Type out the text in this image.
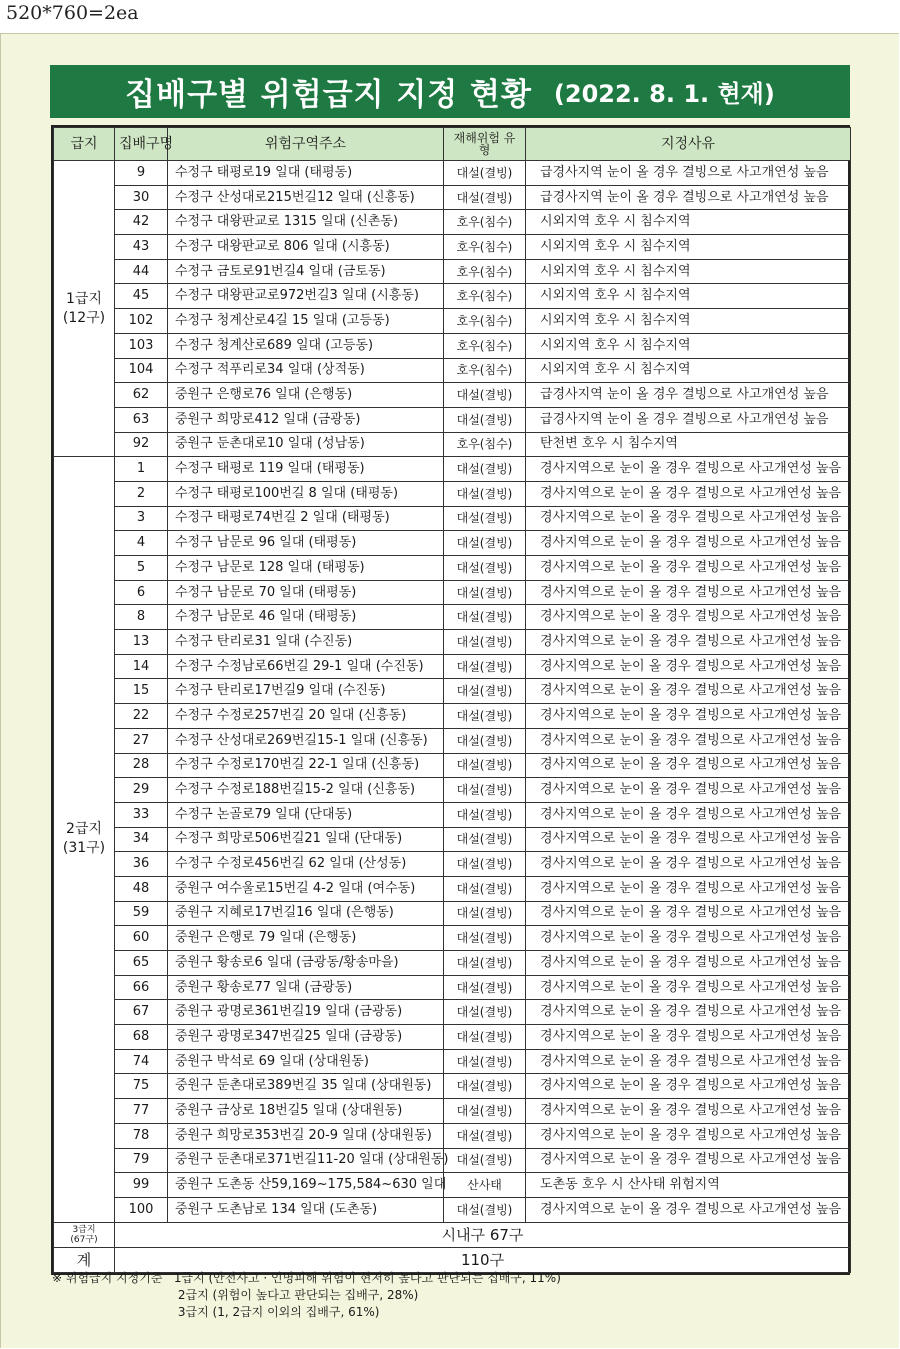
520*760=2ea
집배구별 위험급지 지정 현황 (2022. 8. 1. 현재)
급지	집배구명	위험구역주소	재해위험 유 형	지정사유
1급지
(12구)	9	수정구 태평로19 일대 (태평동)	대설(결빙)	급경사지역 눈이 올 경우 결빙으로 사고개연성 높음
	30	수정구 산성대로215번길12 일대 (신흥동)	대설(결빙)	급경사지역 눈이 올 경우 결빙으로 사고개연성 높음
	42	수정구 대왕판교로 1315 일대 (신촌동)	호우(침수)	시외지역 호우 시 침수지역
	43	수정구 대왕판교로 806 일대 (시흥동)	호우(침수)	시외지역 호우 시 침수지역
	44	수정구 금토로91번길4 일대 (금토동)	호우(침수)	시외지역 호우 시 침수지역
	45	수정구 대왕판교로972번길3 일대 (시흥동)	호우(침수)	시외지역 호우 시 침수지역
	102	수정구 청계산로4길 15 일대 (고등동)	호우(침수)	시외지역 호우 시 침수지역
	103	수정구 청계산로689 일대 (고등동)	호우(침수)	시외지역 호우 시 침수지역
	104	수정구 적푸리로34 일대 (상적동)	호우(침수)	시외지역 호우 시 침수지역
	62	중원구 은행로76 일대 (은행동)	대설(결빙)	급경사지역 눈이 올 경우 결빙으로 사고개연성 높음
	63	중원구 희망로412 일대 (금광동)	대설(결빙)	급경사지역 눈이 올 경우 결빙으로 사고개연성 높음
	92	중원구 둔촌대로10 일대 (성남동)	호우(침수)	탄천변 호우 시 침수지역
2급지
(31구)	1	수정구 태평로 119 일대 (태평동)	대설(결빙)	경사지역으로 눈이 올 경우 결빙으로 사고개연성 높음
	2	수정구 태평로100번길 8 일대 (태평동)	대설(결빙)	경사지역으로 눈이 올 경우 결빙으로 사고개연성 높음
	3	수정구 태평로74번길 2 일대 (태평동)	대설(결빙)	경사지역으로 눈이 올 경우 결빙으로 사고개연성 높음
	4	수정구 남문로 96 일대 (태평동)	대설(결빙)	경사지역으로 눈이 올 경우 결빙으로 사고개연성 높음
	5	수정구 남문로 128 일대 (태평동)	대설(결빙)	경사지역으로 눈이 올 경우 결빙으로 사고개연성 높음
	6	수정구 남문로 70 일대 (태평동)	대설(결빙)	경사지역으로 눈이 올 경우 결빙으로 사고개연성 높음
	8	수정구 남문로 46 일대 (태평동)	대설(결빙)	경사지역으로 눈이 올 경우 결빙으로 사고개연성 높음
	13	수정구 탄리로31 일대 (수진동)	대설(결빙)	경사지역으로 눈이 올 경우 결빙으로 사고개연성 높음
	14	수정구 수정남로66번길 29-1 일대 (수진동)	대설(결빙)	경사지역으로 눈이 올 경우 결빙으로 사고개연성 높음
	15	수정구 탄리로17번길9 일대 (수진동)	대설(결빙)	경사지역으로 눈이 올 경우 결빙으로 사고개연성 높음
	22	수정구 수정로257번길 20 일대 (신흥동)	대설(결빙)	경사지역으로 눈이 올 경우 결빙으로 사고개연성 높음
	27	수정구 산성대로269번길15-1 일대 (신흥동)	대설(결빙)	경사지역으로 눈이 올 경우 결빙으로 사고개연성 높음
	28	수정구 수정로170번길 22-1 일대 (신흥동)	대설(결빙)	경사지역으로 눈이 올 경우 결빙으로 사고개연성 높음
	29	수정구 수정로188번길15-2 일대 (신흥동)	대설(결빙)	경사지역으로 눈이 올 경우 결빙으로 사고개연성 높음
	33	수정구 논골로79 일대 (단대동)	대설(결빙)	경사지역으로 눈이 올 경우 결빙으로 사고개연성 높음
	34	수정구 희망로506번길21 일대 (단대동)	대설(결빙)	경사지역으로 눈이 올 경우 결빙으로 사고개연성 높음
	36	수정구 수정로456번길 62 일대 (산성동)	대설(결빙)	경사지역으로 눈이 올 경우 결빙으로 사고개연성 높음
	48	중원구 여수울로15번길 4-2 일대 (여수동)	대설(결빙)	경사지역으로 눈이 올 경우 결빙으로 사고개연성 높음
	59	중원구 지혜로17번길16 일대 (은행동)	대설(결빙)	경사지역으로 눈이 올 경우 결빙으로 사고개연성 높음
	60	중원구 은행로 79 일대 (은행동)	대설(결빙)	경사지역으로 눈이 올 경우 결빙으로 사고개연성 높음
	65	중원구 황송로6 일대 (금광동/황송마을)	대설(결빙)	경사지역으로 눈이 올 경우 결빙으로 사고개연성 높음
	66	중원구 황송로77 일대 (금광동)	대설(결빙)	경사지역으로 눈이 올 경우 결빙으로 사고개연성 높음
	67	중원구 광명로361번길19 일대 (금광동)	대설(결빙)	경사지역으로 눈이 올 경우 결빙으로 사고개연성 높음
	68	중원구 광명로347번길25 일대 (금광동)	대설(결빙)	경사지역으로 눈이 올 경우 결빙으로 사고개연성 높음
	74	중원구 박석로 69 일대 (상대원동)	대설(결빙)	경사지역으로 눈이 올 경우 결빙으로 사고개연성 높음
	75	중원구 둔촌대로389번길 35 일대 (상대원동)	대설(결빙)	경사지역으로 눈이 올 경우 결빙으로 사고개연성 높음
	77	중원구 금상로 18번길5 일대 (상대원동)	대설(결빙)	경사지역으로 눈이 올 경우 결빙으로 사고개연성 높음
	78	중원구 희망로353번길 20-9 일대 (상대원동)	대설(결빙)	경사지역으로 눈이 올 경우 결빙으로 사고개연성 높음
	79	중원구 둔촌대로371번길11-20 일대 (상대원동)	대설(결빙)	경사지역으로 눈이 올 경우 결빙으로 사고개연성 높음
	99	중원구 도촌동 산59,169~175,584~630 일대	산사태	도촌동 호우 시 산사태 위험지역
	100	중원구 도촌남로 134 일대 (도촌동)	대설(결빙)	경사지역으로 눈이 올 경우 결빙으로 사고개연성 높음
3급지
(67구)	시내구 67구			
계	110구			
※ 위험급지 지정기준   1급지 (안전사고 · 인명피해 위험이 현저히 높다고 판단되는 집배구, 11%)
2급지 (위험이 높다고 판단되는 집배구, 28%)
3급지 (1, 2급지 이외의 집배구, 61%)
